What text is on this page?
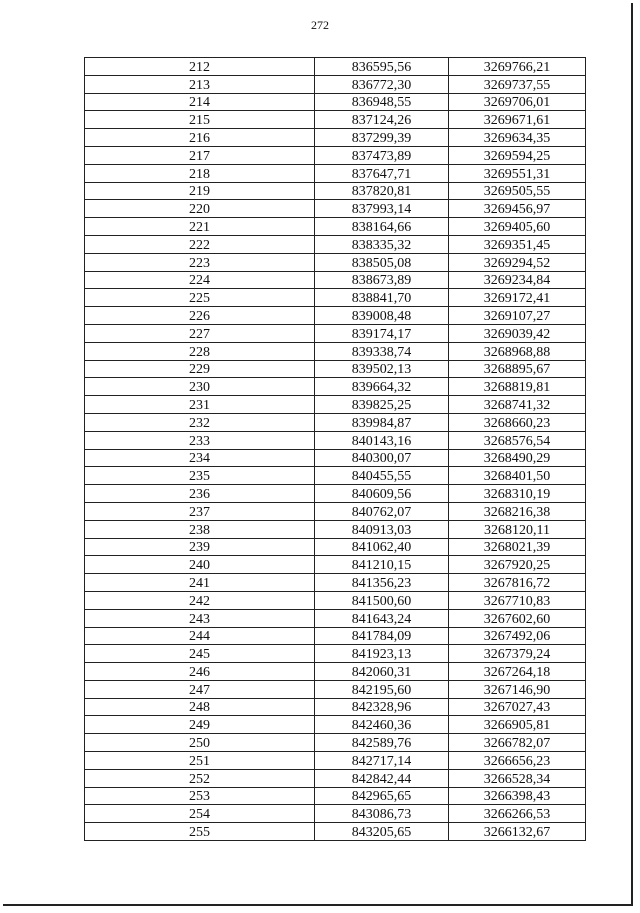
272
212	836595,56	3269766,21
213	836772,30	3269737,55
214	836948,55	3269706,01
215	837124,26	3269671,61
216	837299,39	3269634,35
217	837473,89	3269594,25
218	837647,71	3269551,31
219	837820,81	3269505,55
220	837993,14	3269456,97
221	838164,66	3269405,60
222	838335,32	3269351,45
223	838505,08	3269294,52
224	838673,89	3269234,84
225	838841,70	3269172,41
226	839008,48	3269107,27
227	839174,17	3269039,42
228	839338,74	3268968,88
229	839502,13	3268895,67
230	839664,32	3268819,81
231	839825,25	3268741,32
232	839984,87	3268660,23
233	840143,16	3268576,54
234	840300,07	3268490,29
235	840455,55	3268401,50
236	840609,56	3268310,19
237	840762,07	3268216,38
238	840913,03	3268120,11
239	841062,40	3268021,39
240	841210,15	3267920,25
241	841356,23	3267816,72
242	841500,60	3267710,83
243	841643,24	3267602,60
244	841784,09	3267492,06
245	841923,13	3267379,24
246	842060,31	3267264,18
247	842195,60	3267146,90
248	842328,96	3267027,43
249	842460,36	3266905,81
250	842589,76	3266782,07
251	842717,14	3266656,23
252	842842,44	3266528,34
253	842965,65	3266398,43
254	843086,73	3266266,53
255	843205,65	3266132,67
